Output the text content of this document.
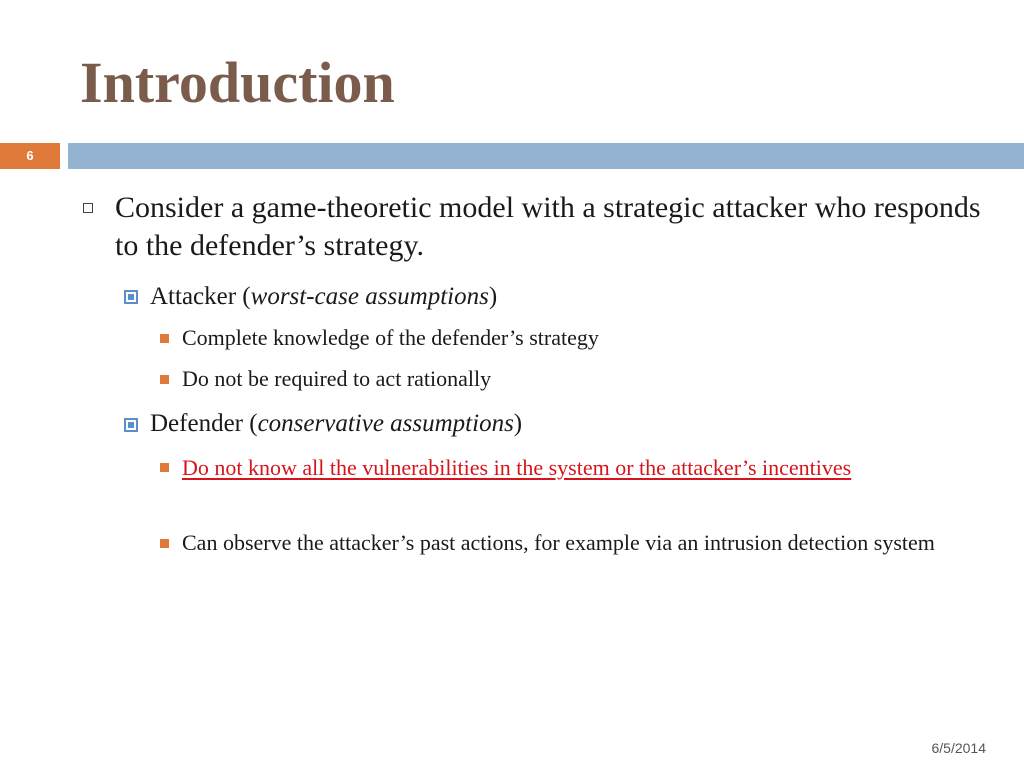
Introduction
6
Consider a game-theoretic model with a strategic attacker who responds to the defender’s strategy.
Attacker (worst-case assumptions)
Complete knowledge of the defender’s strategy
Do not be required to act rationally
Defender (conservative assumptions)
Do not know all the vulnerabilities in the system or the attacker’s incentives
Can observe the attacker’s past actions, for example via an intrusion detection system
6/5/2014
